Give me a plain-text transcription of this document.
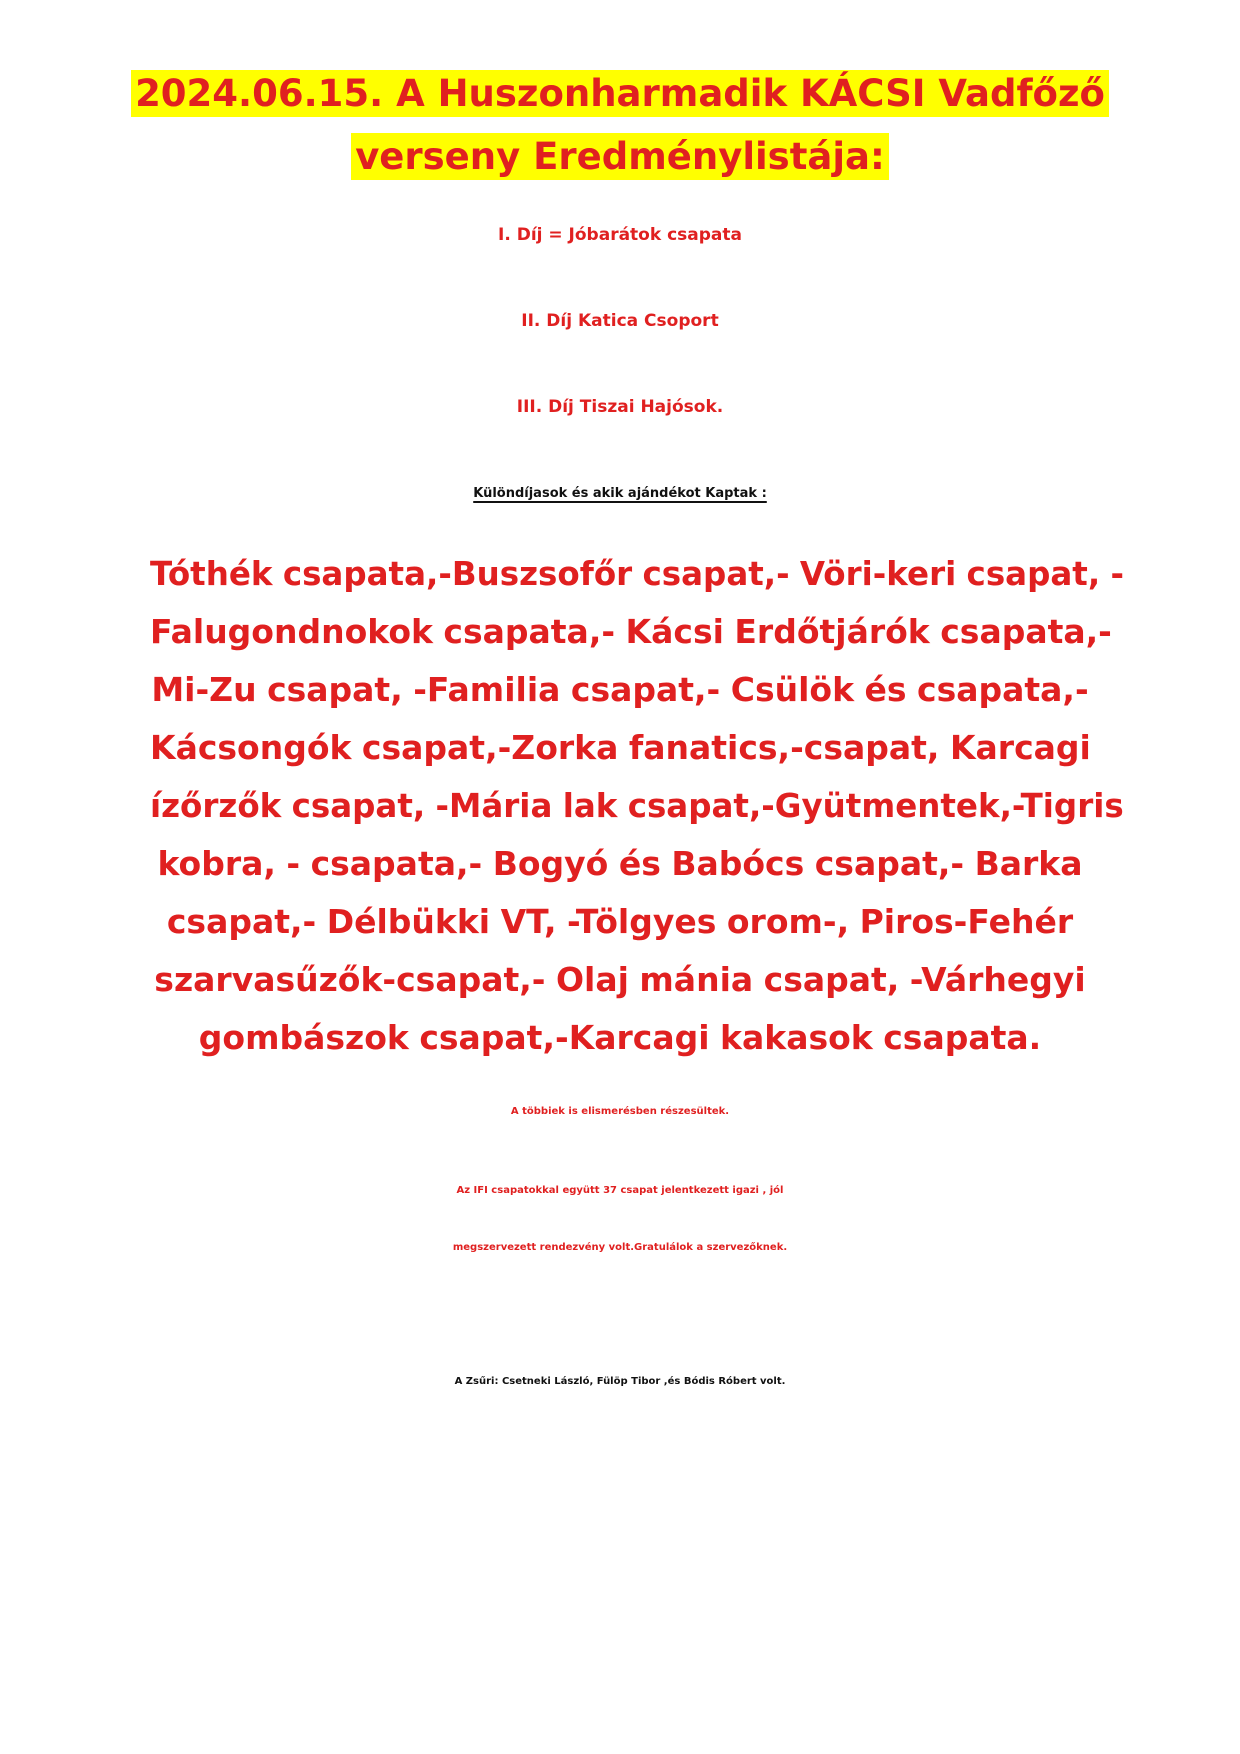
2024.06.15. A Huszonharmadik KÁCSI Vadfőző
verseny Eredménylistája:
I. Díj = Jóbarátok csapata
II. Díj Katica Csoport
III. Díj Tiszai Hajósok.
Különdíjasok és akik ajándékot Kaptak :
Tóthék csapata,-Buszsofőr csapat,- Vöri-keri csapat, -
Falugondnokok csapata,- Kácsi Erdőtjárók csapata,-
Mi-Zu csapat, -Familia csapat,- Csülök és csapata,-
Kácsongók csapat,-Zorka fanatics,-csapat, Karcagi
ízőrzők csapat, -Mária lak csapat,-Gyütmentek,-Tigris
kobra, - csapata,- Bogyó és Babócs csapat,- Barka
csapat,- Délbükki VT, -Tölgyes orom-, Piros-Fehér
szarvasűzők-csapat,- Olaj mánia csapat, -Várhegyi
gombászok csapat,-Karcagi kakasok csapata.
A többiek is elismerésben részesültek.
Az IFI csapatokkal együtt 37 csapat jelentkezett igazi , jól
megszervezett rendezvény volt.Gratulálok a szervezőknek.
A Zsűri: Csetneki László, Fülöp Tibor ,és Bódis Róbert volt.
